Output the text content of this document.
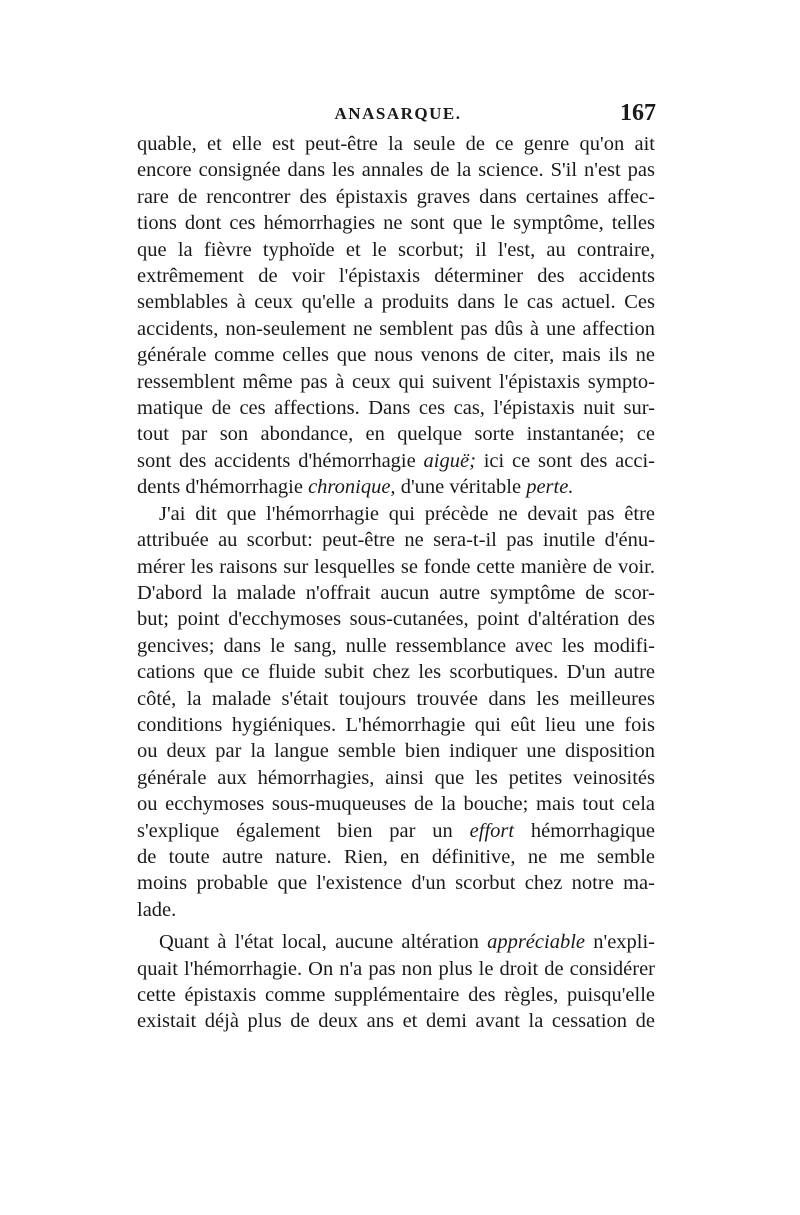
ANASARQUE.	167
quable, et elle est peut-être la seule de ce genre qu'on ait
encore consignée dans les annales de la science. S'il n'est pas
rare de rencontrer des épistaxis graves dans certaines affec-
tions dont ces hémorrhagies ne sont que le symptôme, telles
que la fièvre typhoïde et le scorbut; il l'est, au contraire,
extrêmement de voir l'épistaxis déterminer des accidents
semblables à ceux qu'elle a produits dans le cas actuel. Ces
accidents, non-seulement ne semblent pas dûs à une affection
générale comme celles que nous venons de citer, mais ils ne
ressemblent même pas à ceux qui suivent l'épistaxis sympto-
matique de ces affections. Dans ces cas, l'épistaxis nuit sur-
tout par son abondance, en quelque sorte instantanée; ce
sont des accidents d'hémorrhagie aiguë; ici ce sont des acci-
dents d'hémorrhagie chronique, d'une véritable perte.
J'ai dit que l'hémorrhagie qui précède ne devait pas être
attribuée au scorbut: peut-être ne sera-t-il pas inutile d'énu-
mérer les raisons sur lesquelles se fonde cette manière de voir.
D'abord la malade n'offrait aucun autre symptôme de scor-
but; point d'ecchymoses sous-cutanées, point d'altération des
gencives; dans le sang, nulle ressemblance avec les modifi-
cations que ce fluide subit chez les scorbutiques. D'un autre
côté, la malade s'était toujours trouvée dans les meilleures
conditions hygiéniques. L'hémorrhagie qui eût lieu une fois
ou deux par la langue semble bien indiquer une disposition
générale aux hémorrhagies, ainsi que les petites veinosités
ou ecchymoses sous-muqueuses de la bouche; mais tout cela
s'explique également bien par un effort hémorrhagique
de toute autre nature. Rien, en définitive, ne me semble
moins probable que l'existence d'un scorbut chez notre ma-
lade.
Quant à l'état local, aucune altération appréciable n'expli-
quait l'hémorrhagie. On n'a pas non plus le droit de considérer
cette épistaxis comme supplémentaire des règles, puisqu'elle
existait déjà plus de deux ans et demi avant la cessation de
